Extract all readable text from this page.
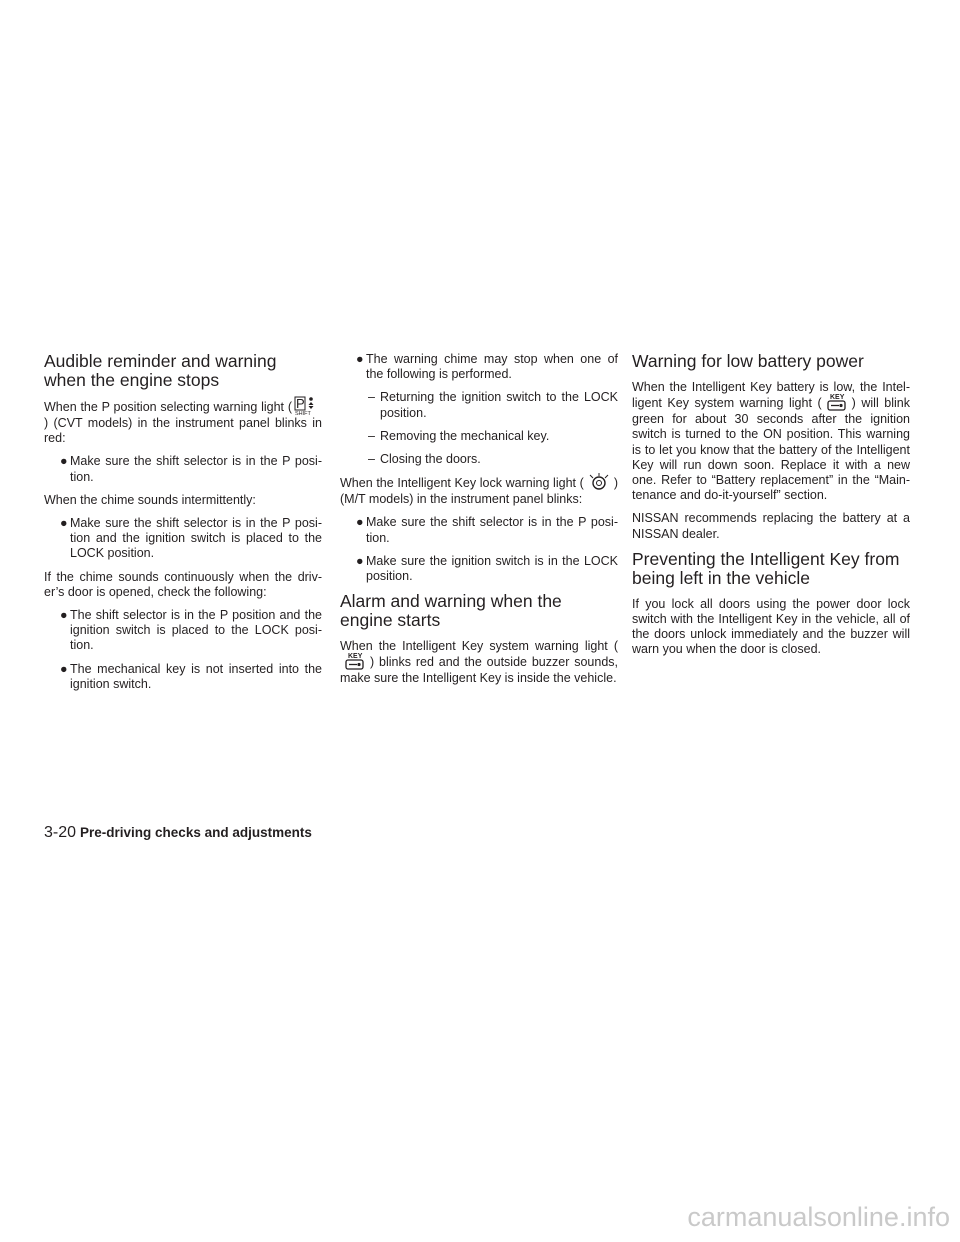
Audible reminder and warning when the engine stops

When the P position selecting warning light ( P
SHIFT
) (CVT models) in the instrument panel blinks in red:

● Make sure the shift selector is in the P posi-tion.

When the chime sounds intermittently:

● Make sure the shift selector is in the P posi-tion and the ignition switch is placed to the LOCK position.

If the chime sounds continuously when the driv-er’s door is opened, check the following:

● The shift selector is in the P position and the ignition switch is placed to the LOCK posi-tion.

● The mechanical key is not inserted into the ignition switch.

● The warning chime may stop when one of the following is performed.

– Returning the ignition switch to the LOCK position.

– Removing the mechanical key.

– Closing the doors.

When the Intelligent Key lock warning light ( ) (M/T models) in the instrument panel blinks:

● Make sure the shift selector is in the P posi-tion.

● Make sure the ignition switch is in the LOCK position.

Alarm and warning when the engine starts

When the Intelligent Key system warning light (
KEY ) blinks red and the outside buzzer sounds, make sure the Intelligent Key is inside the vehicle.

Warning for low battery power

When the Intelligent Key battery is low, the Intel-ligent Key system warning light ( KEY ) will blink green for about 30 seconds after the ignition switch is turned to the ON position. This warning is to let you know that the battery of the Intelligent Key will run down soon. Replace it with a new one. Refer to “Battery replacement” in the “Main-tenance and do-it-yourself” section.

NISSAN recommends replacing the battery at a NISSAN dealer.

Preventing the Intelligent Key from being left in the vehicle

If you lock all doors using the power door lock switch with the Intelligent Key in the vehicle, all of the doors unlock immediately and the buzzer will warn you when the door is closed.

3-20 Pre-driving checks and adjustments
carmanualsonline.info
